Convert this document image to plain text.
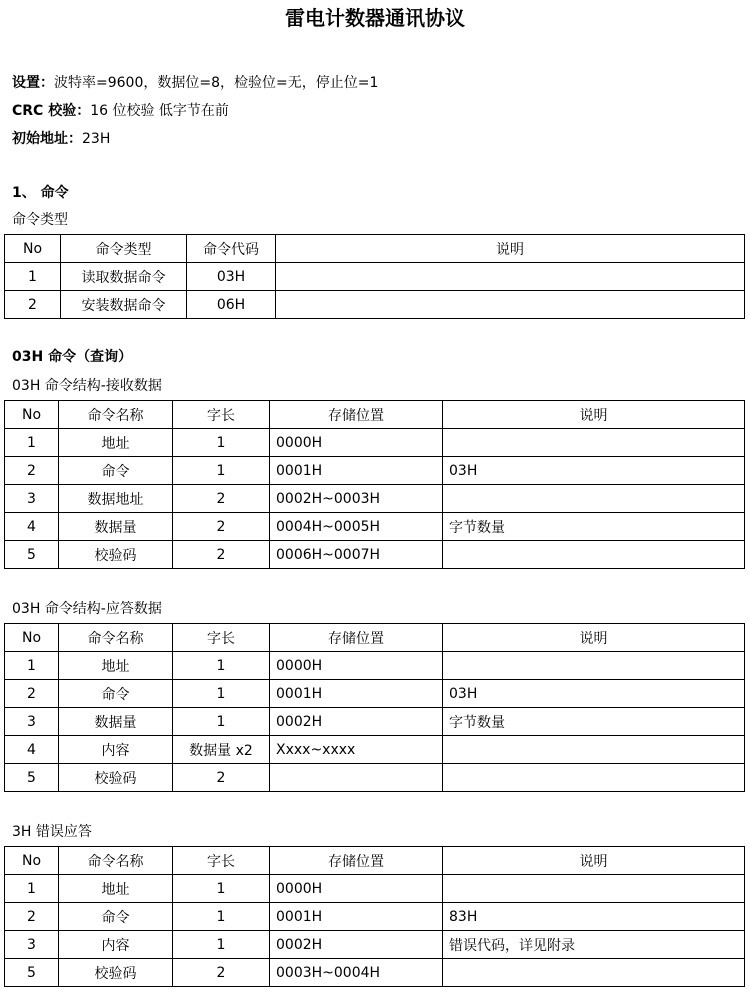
雷电计数器通讯协议
设置：波特率=9600，数据位=8，检验位=无，停止位=1
CRC 校验：16 位校验 低字节在前
初始地址：23H
1、 命令
命令类型
No	命令类型	命令代码	说明
1	读取数据命令	03H	
2	安装数据命令	06H	
03H 命令（查询）
03H 命令结构-接收数据
No	命令名称	字长	存储位置	说明
1	地址	1	0000H	
2	命令	1	0001H	03H
3	数据地址	2	0002H~0003H	
4	数据量	2	0004H~0005H	字节数量
5	校验码	2	0006H~0007H	
03H 命令结构-应答数据
No	命令名称	字长	存储位置	说明
1	地址	1	0000H	
2	命令	1	0001H	03H
3	数据量	1	0002H	字节数量
4	内容	数据量 x2	Xxxx~xxxx	
5	校验码	2		
3H 错误应答
No	命令名称	字长	存储位置	说明
1	地址	1	0000H	
2	命令	1	0001H	83H
3	内容	1	0002H	错误代码，详见附录
5	校验码	2	0003H~0004H	
